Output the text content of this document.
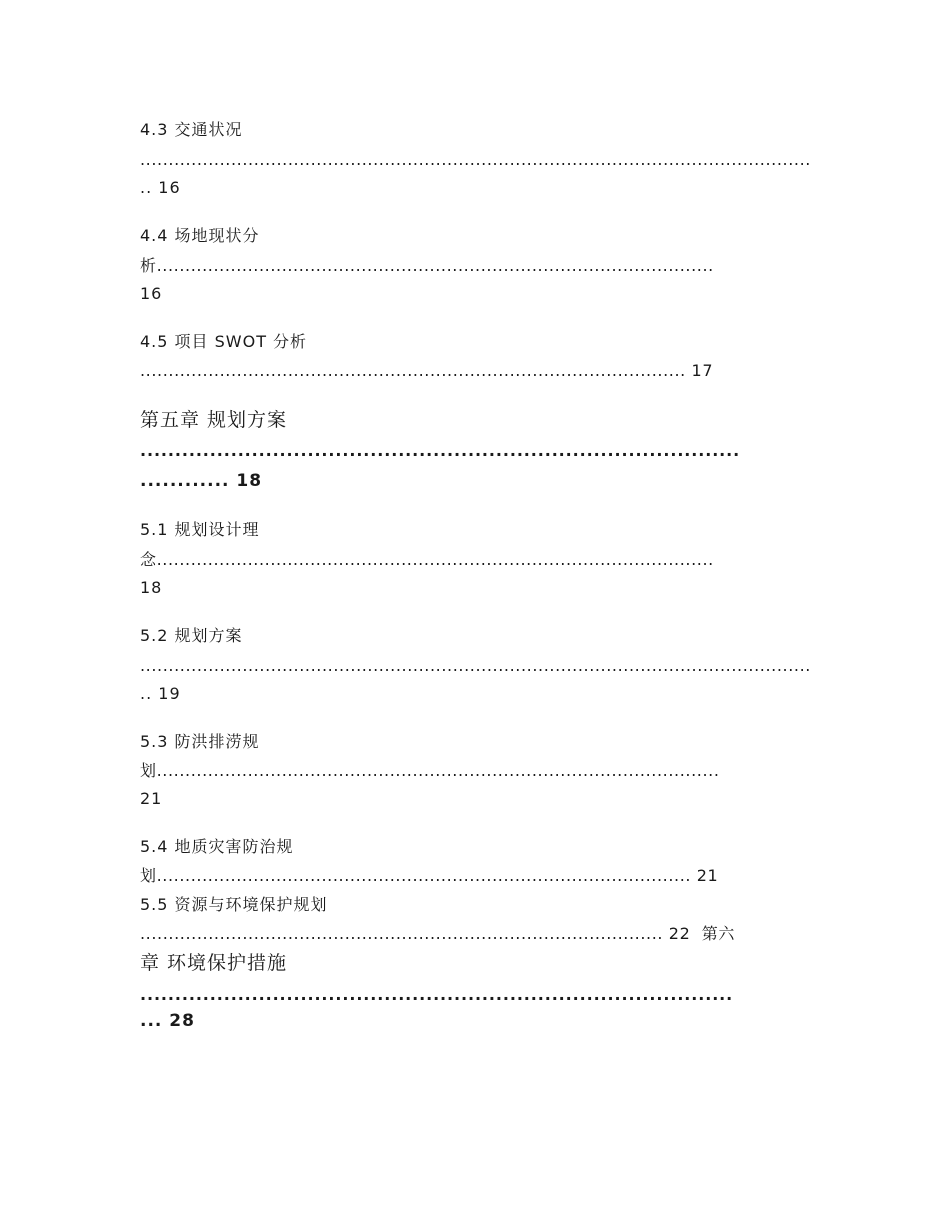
4.3 交通状况
......................................................................................................................
.. 16
4.4 场地现状分
析..................................................................................................
16
4.5 项目 SWOT 分析
................................................................................................ 17
第五章 规划方案
......................................................................................
............ 18
5.1 规划设计理
念..................................................................................................
18
5.2 规划方案
......................................................................................................................
.. 19
5.3 防洪排涝规
划...................................................................................................
21
5.4 地质灾害防治规
划.............................................................................................. 21
5.5 资源与环境保护规划
............................................................................................ 22  第六
章 环境保护措施
.....................................................................................
... 28
